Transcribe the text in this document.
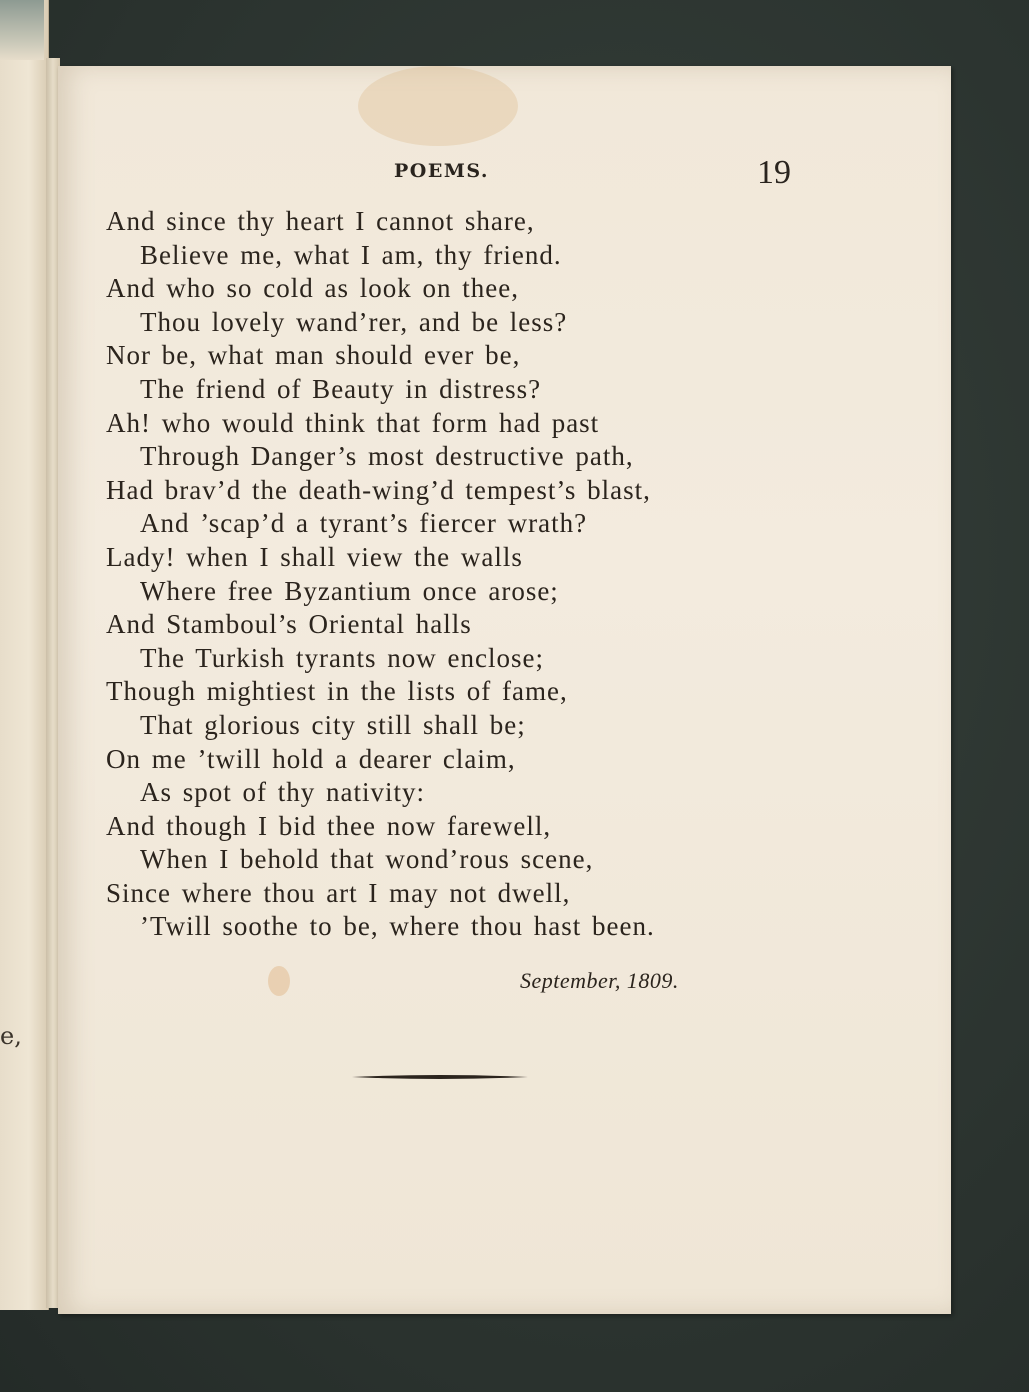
e,
POEMS.	19
And since thy heart I cannot share,
Believe me, what I am, thy friend.
And who so cold as look on thee,
Thou lovely wand’rer, and be less?
Nor be, what man should ever be,
The friend of Beauty in distress?
Ah! who would think that form had past
Through Danger’s most destructive path,
Had brav’d the death-wing’d tempest’s blast,
And ’scap’d a tyrant’s fiercer wrath?
Lady! when I shall view the walls
Where free Byzantium once arose;
And Stamboul’s Oriental halls
The Turkish tyrants now enclose;
Though mightiest in the lists of fame,
That glorious city still shall be;
On me ’twill hold a dearer claim,
As spot of thy nativity:
And though I bid thee now farewell,
When I behold that wond’rous scene,
Since where thou art I may not dwell,
’Twill soothe to be, where thou hast been.
September, 1809.
